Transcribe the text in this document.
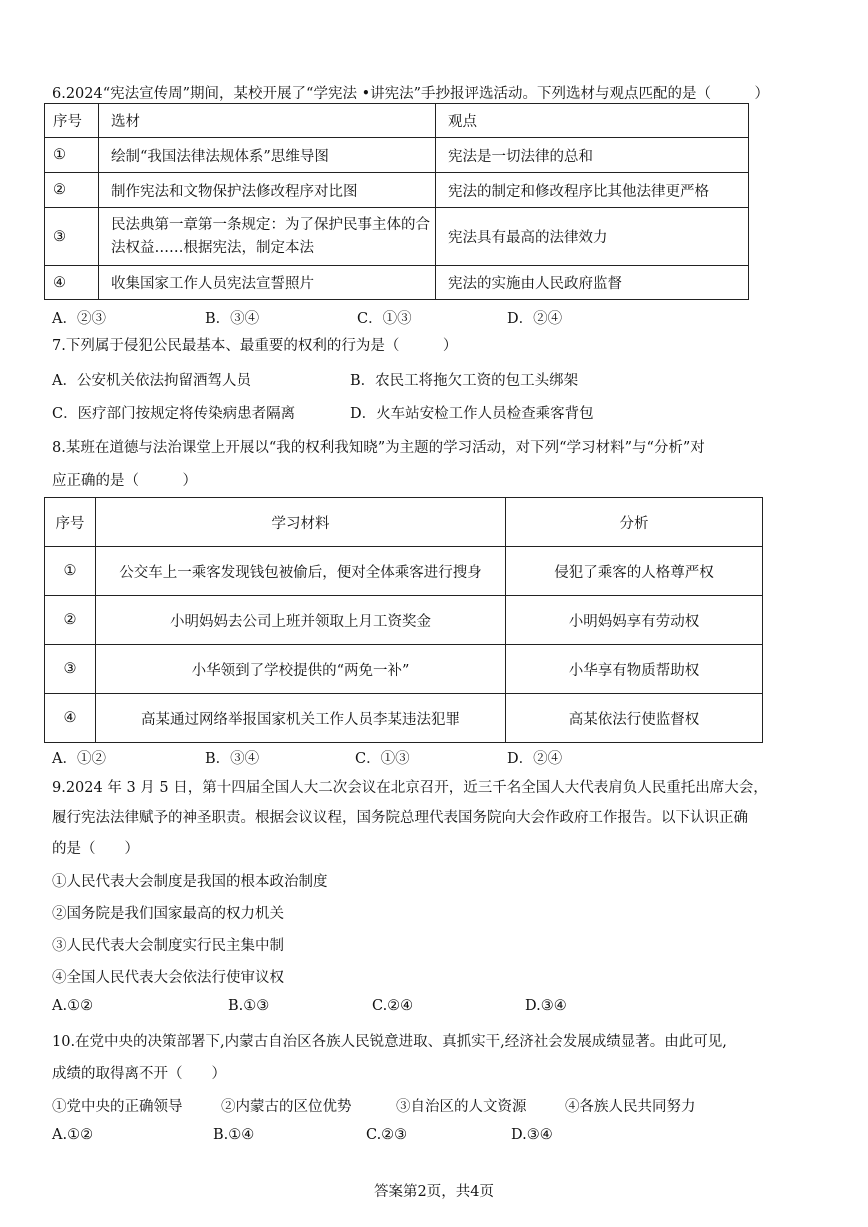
6.2024“宪法宣传周”期间，某校开展了“学宪法 •讲宪法”手抄报评选活动。下列选材与观点匹配的是（　　　）
序号	选材	观点
①	绘制“我国法律法规体系”思维导图	宪法是一切法律的总和
②	制作宪法和文物保护法修改程序对比图	宪法的制定和修改程序比其他法律更严格
③	民法典第一章第一条规定：为了保护民事主体的合法权益……根据宪法，制定本法	宪法具有最高的法律效力
④	收集国家工作人员宪法宣誓照片	宪法的实施由人民政府监督
A．②③	B．③④	C．①③	D．②④
7.下列属于侵犯公民最基本、最重要的权利的行为是（　　　）
A．公安机关依法拘留酒驾人员	B．农民工将拖欠工资的包工头绑架
C．医疗部门按规定将传染病患者隔离	D．火车站安检工作人员检查乘客背包
8.某班在道德与法治课堂上开展以“我的权利我知晓”为主题的学习活动，对下列“学习材料”与“分析”对
应正确的是（　　　）
序号	学习材料	分析
①	公交车上一乘客发现钱包被偷后，便对全体乘客进行搜身	侵犯了乘客的人格尊严权
②	小明妈妈去公司上班并领取上月工资奖金	小明妈妈享有劳动权
③	小华领到了学校提供的“两免一补”	小华享有物质帮助权
④	高某通过网络举报国家机关工作人员李某违法犯罪	高某依法行使监督权
A．①②	B．③④	C．①③	D．②④
9.2024 年 3 月 5 日，第十四届全国人大二次会议在北京召开，近三千名全国人大代表肩负人民重托出席大会，
履行宪法法律赋予的神圣职责。根据会议议程，国务院总理代表国务院向大会作政府工作报告。以下认识正确
的是（　　）
①人民代表大会制度是我国的根本政治制度
②国务院是我们国家最高的权力机关
③人民代表大会制度实行民主集中制
④全国人民代表大会依法行使审议权
A.①②	B.①③	C.②④	D.③④
10.在党中央的决策部署下,内蒙古自治区各族人民锐意进取、真抓实干,经济社会发展成绩显著。由此可见,
成绩的取得离不开（　　）
①党中央的正确领导	②内蒙古的区位优势	③自治区的人文资源	④各族人民共同努力
A.①②	B.①④	C.②③	D.③④
答案第2页，共4页
